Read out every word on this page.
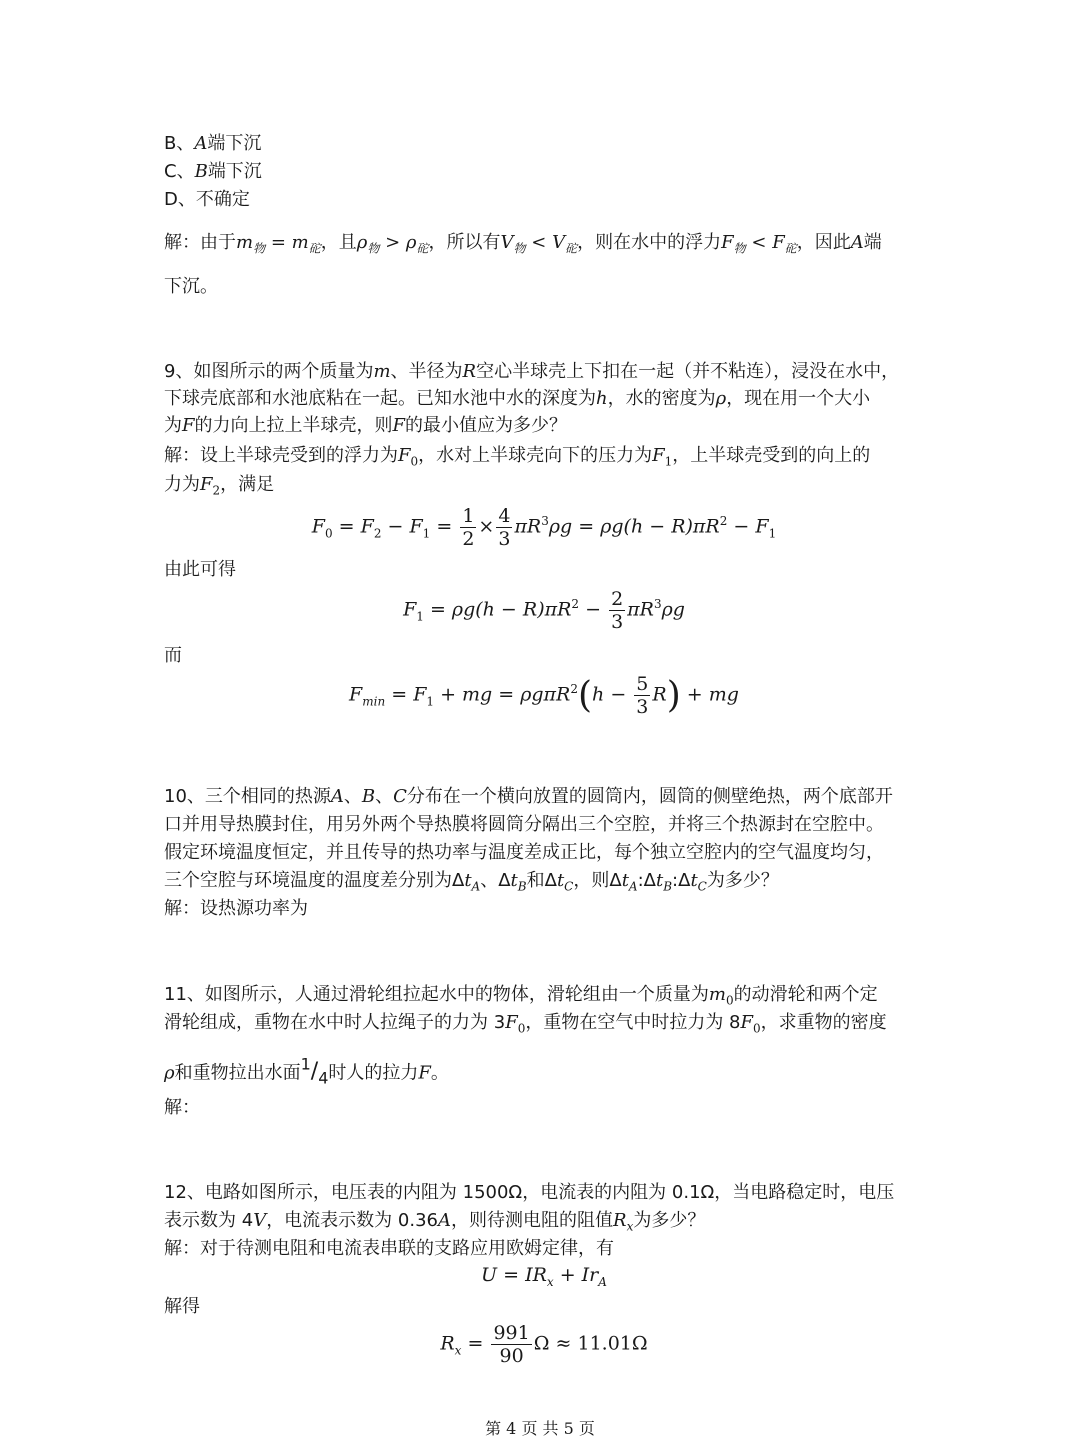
B、A端下沉
C、B端下沉
D、不确定
解：由于$m_物 = m_砣$，且$\rho_物 > \rho_砣$，所以有$V_物 < V_砣$，则在水中的浮力$F_物 < F_砣$，因此A端
下沉。
9、如图所示的两个质量为m、半径为R空心半球壳上下扣在一起（并不粘连），浸没在水中，
下球壳底部和水池底粘在一起。已知水池中水的深度为h，水的密度为ρ，现在用一个大小
为F的力向上拉上半球壳，则F的最小值应为多少？
解：设上半球壳受到的浮力为$F_0$，水对上半球壳向下的压力为$F_1$，上半球壳受到的向上的
力为$F_2$，满足
$F_0 = F_2 - F_1 = \frac{1}{2} \times \frac{4}{3} \pi R^3\rho g = \rho g(h - R)\pi R^2 - F_1$
由此可得
$F_1 = \rho g(h - R)\pi R^2 - \frac{2}{3} \pi R^3\rho g$
而
$F_{min} = F_1$ + mg = $\rho g\pi R^2(h - \frac{5}{3} R)$ + mg
10、三个相同的热源A、B、C分布在一个横向放置的圆筒内，圆筒的侧壁绝热，两个底部开
口并用导热膜封住，用另外两个导热膜将圆筒分隔出三个空腔，并将三个热源封在空腔中。
假定环境温度恒定，并且传导的热功率与温度差成正比，每个独立空腔内的空气温度均匀，
三个空腔与环境温度的温度差分别为$\Delta t_A$、$\Delta t_B$和$\Delta t_C$，则$\Delta t_A:\Delta t_B:\Delta t_C$为多少？
解：设热源功率为
11、如图所示，人通过滑轮组拉起水中的物体，滑轮组由一个质量为$m_0$的动滑轮和两个定
滑轮组成，重物在水中时人拉绳子的力为 $3F_0$，重物在空气中时拉力为 $8F_0$，求重物的密度
ρ和重物拉出水面$^1/_4$时人的拉力F。
解：
12、电路如图所示，电压表的内阻为 1500Ω，电流表的内阻为 0.1Ω，当电路稳定时，电压
表示数为 4V，电流表示数为 0.36A，则待测电阻的阻值$R_x$为多少？
解：对于待测电阻和电流表串联的支路应用欧姆定律，有
$U = IR_x + Ir_A$
解得
$R_x = \frac{991}{90}$ Ω ≈ 11.01Ω
第 4 页 共 5 页
